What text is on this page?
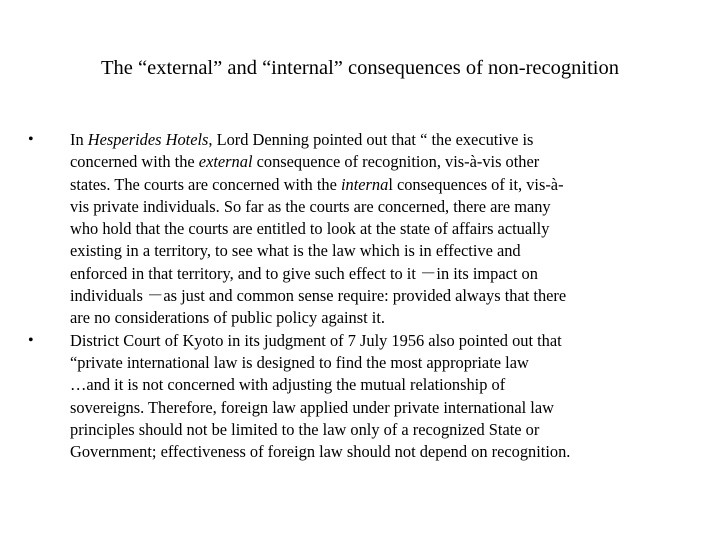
The “external” and “internal” consequences of non-recognition
•	In Hesperides Hotels, Lord Denning pointed out that “ the executive is
concerned with the external consequence of recognition, vis-à-vis other
states. The courts are concerned with the internal consequences of it, vis-à-
vis private individuals. So far as the courts are concerned, there are many
who hold that the courts are entitled to look at the state of affairs actually
existing in a territory, to see what is the law which is in effective and
enforced in that territory, and to give such effect to it －in its impact on
individuals －as just and common sense require: provided always that there
are no considerations of public policy against it.
•	District Court of Kyoto in its judgment of 7 July 1956 also pointed out that
“private international law is designed to find the most appropriate law
…and it is not concerned with adjusting the mutual relationship of
sovereigns. Therefore, foreign law applied under private international law
principles should not be limited to the law only of a recognized State or
Government; effectiveness of foreign law should not depend on recognition.
